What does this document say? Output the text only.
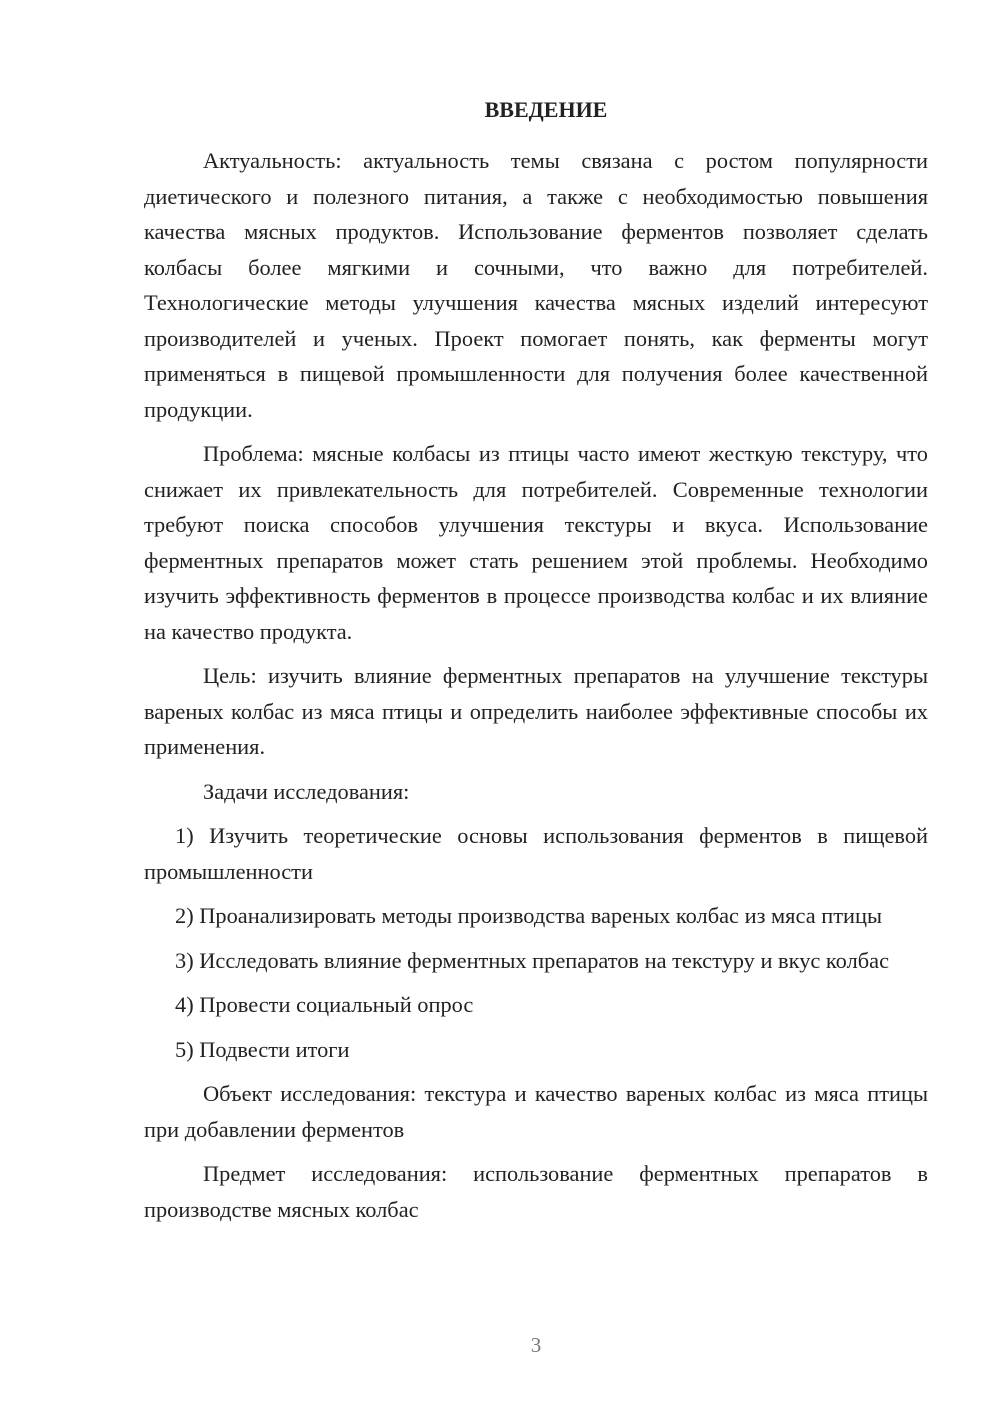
ВВЕДЕНИЕ

Актуальность: актуальность темы связана с ростом популярности диетического и полезного питания, а также с необходимостью повышения качества мясных продуктов. Использование ферментов позволяет сделать колбасы более мягкими и сочными, что важно для потребителей. Технологические методы улучшения качества мясных изделий интересуют производителей и ученых. Проект помогает понять, как ферменты могут применяться в пищевой промышленности для получения более качественной продукции.

Проблема: мясные колбасы из птицы часто имеют жесткую текстуру, что снижает их привлекательность для потребителей. Современные технологии требуют поиска способов улучшения текстуры и вкуса. Использование ферментных препаратов может стать решением этой проблемы. Необходимо изучить эффективность ферментов в процессе производства колбас и их влияние на качество продукта.

Цель: изучить влияние ферментных препаратов на улучшение текстуры вареных колбас из мяса птицы и определить наиболее эффективные способы их применения.

Задачи исследования:

1) Изучить теоретические основы использования ферментов в пищевой промышленности

2) Проанализировать методы производства вареных колбас из мяса птицы

3) Исследовать влияние ферментных препаратов на текстуру и вкус колбас

4) Провести социальный опрос

5) Подвести итоги

Объект исследования: текстура и качество вареных колбас из мяса птицы при добавлении ферментов

Предмет исследования: использование ферментных препаратов в производстве мясных колбас

3
